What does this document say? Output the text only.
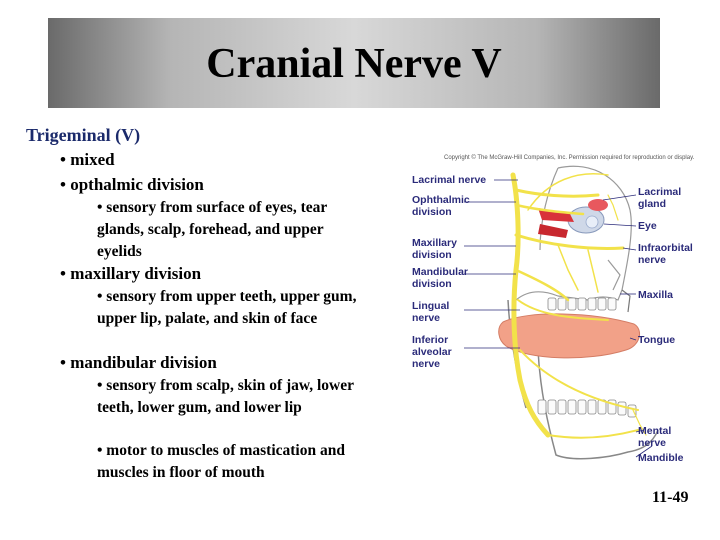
Cranial Nerve V
Trigeminal (V)
• mixed
• opthalmic division
• sensory from surface of eyes, tear glands, scalp, forehead, and upper eyelids
• maxillary division
• sensory from upper teeth, upper gum, upper lip, palate, and skin of face
• mandibular division
• sensory from scalp, skin of jaw, lower teeth, lower gum, and lower lip
• motor to muscles of mastication and muscles in floor of mouth
Copyright © The McGraw-Hill Companies, Inc. Permission required for reproduction or display.
Lacrimal nerve
Ophthalmic
division
Maxillary
division
Mandibular
division
Lingual
nerve
Inferior
alveolar
nerve
Lacrimal
gland
Eye
Infraorbital
nerve
Maxilla
Tongue
Mental
nerve
Mandible
11-49
